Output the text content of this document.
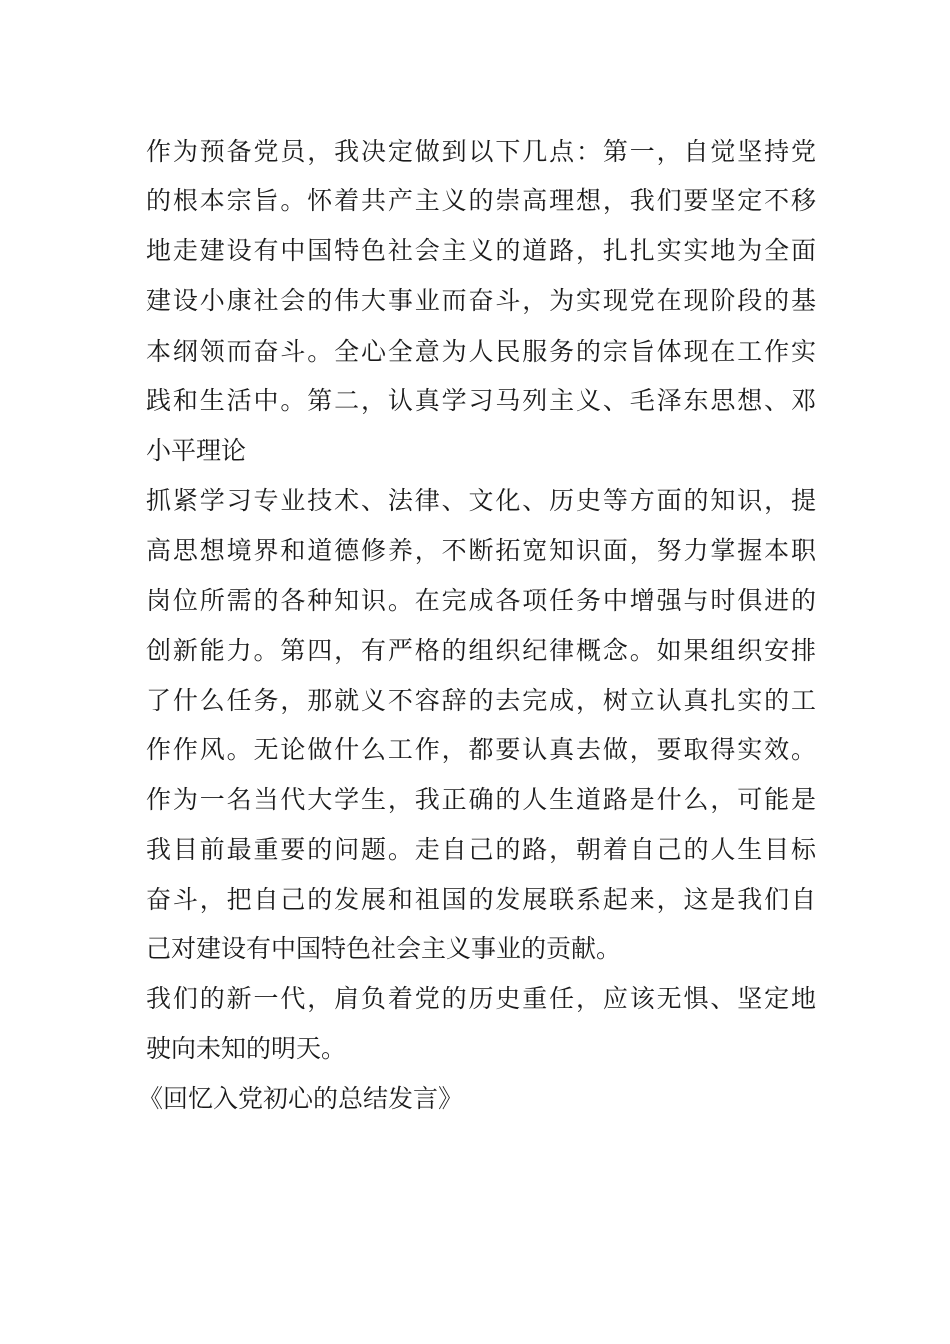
作为预备党员，我决定做到以下几点：第一，自觉坚持党
的根本宗旨。怀着共产主义的崇高理想，我们要坚定不移
地走建设有中国特色社会主义的道路，扎扎实实地为全面
建设小康社会的伟大事业而奋斗，为实现党在现阶段的基
本纲领而奋斗。全心全意为人民服务的宗旨体现在工作实
践和生活中。第二，认真学习马列主义、毛泽东思想、邓
小平理论
抓紧学习专业技术、法律、文化、历史等方面的知识，提
高思想境界和道德修养，不断拓宽知识面，努力掌握本职
岗位所需的各种知识。在完成各项任务中增强与时俱进的
创新能力。第四，有严格的组织纪律概念。如果组织安排
了什么任务，那就义不容辞的去完成，树立认真扎实的工
作作风。无论做什么工作，都要认真去做，要取得实效。
作为一名当代大学生，我正确的人生道路是什么，可能是
我目前最重要的问题。走自己的路，朝着自己的人生目标
奋斗，把自己的发展和祖国的发展联系起来，这是我们自
己对建设有中国特色社会主义事业的贡献。
我们的新一代，肩负着党的历史重任，应该无惧、坚定地
驶向未知的明天。
《回忆入党初心的总结发言》
